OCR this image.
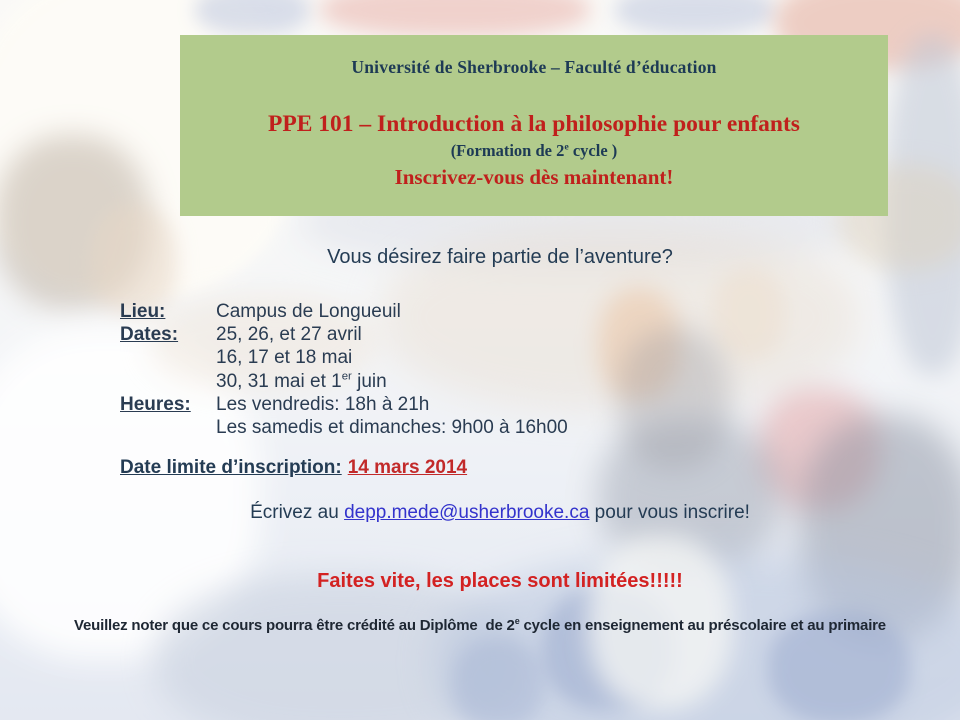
Université de Sherbrooke – Faculté d’éducation
PPE 101 – Introduction à la philosophie pour enfants
(Formation de 2e cycle )
Inscrivez-vous dès maintenant!
Vous désirez faire partie de l’aventure?
Lieu:	Campus de Longueuil
Dates:	25, 26, et 27 avril
16, 17 et 18 mai
30, 31 mai et 1er juin
Heures:	Les vendredis: 18h à 21h
Les samedis et dimanches: 9h00 à 16h00
Date limite d’inscription: 14 mars 2014
Écrivez au depp.mede@usherbrooke.ca pour vous inscrire!
Faites vite, les places sont limitées!!!!!
Veuillez noter que ce cours pourra être crédité au Diplôme  de 2e cycle en enseignement au préscolaire et au primaire
